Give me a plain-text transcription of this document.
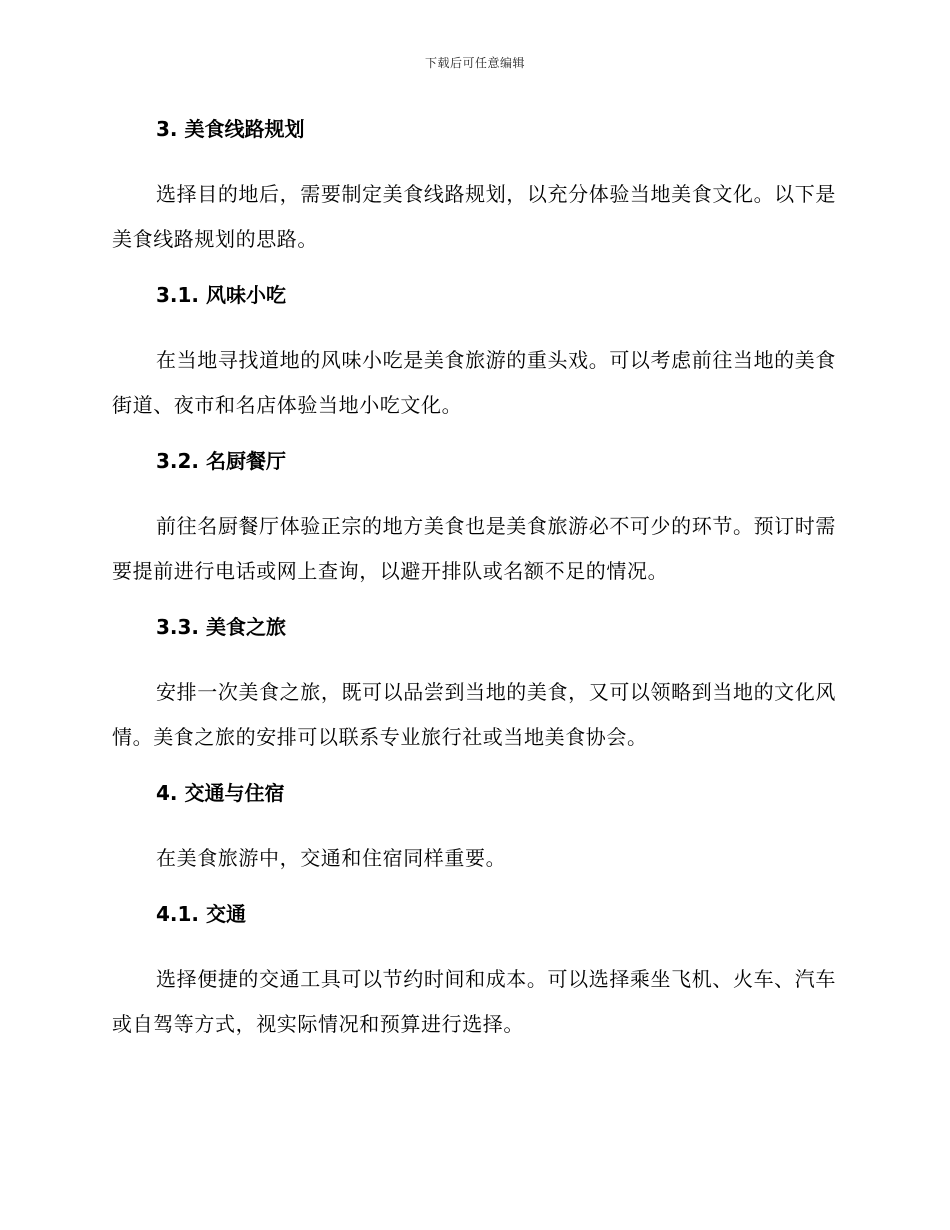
下载后可任意编辑
3. 美食线路规划

选择目的地后，需要制定美食线路规划，以充分体验当地美食文化。以下是美食线路规划的思路。

3.1. 风味小吃

在当地寻找道地的风味小吃是美食旅游的重头戏。可以考虑前往当地的美食街道、夜市和名店体验当地小吃文化。

3.2. 名厨餐厅

前往名厨餐厅体验正宗的地方美食也是美食旅游必不可少的环节。预订时需要提前进行电话或网上查询，以避开排队或名额不足的情况。

3.3. 美食之旅

安排一次美食之旅，既可以品尝到当地的美食，又可以领略到当地的文化风情。美食之旅的安排可以联系专业旅行社或当地美食协会。

4. 交通与住宿

在美食旅游中，交通和住宿同样重要。

4.1. 交通

选择便捷的交通工具可以节约时间和成本。可以选择乘坐飞机、火车、汽车或自驾等方式，视实际情况和预算进行选择。
